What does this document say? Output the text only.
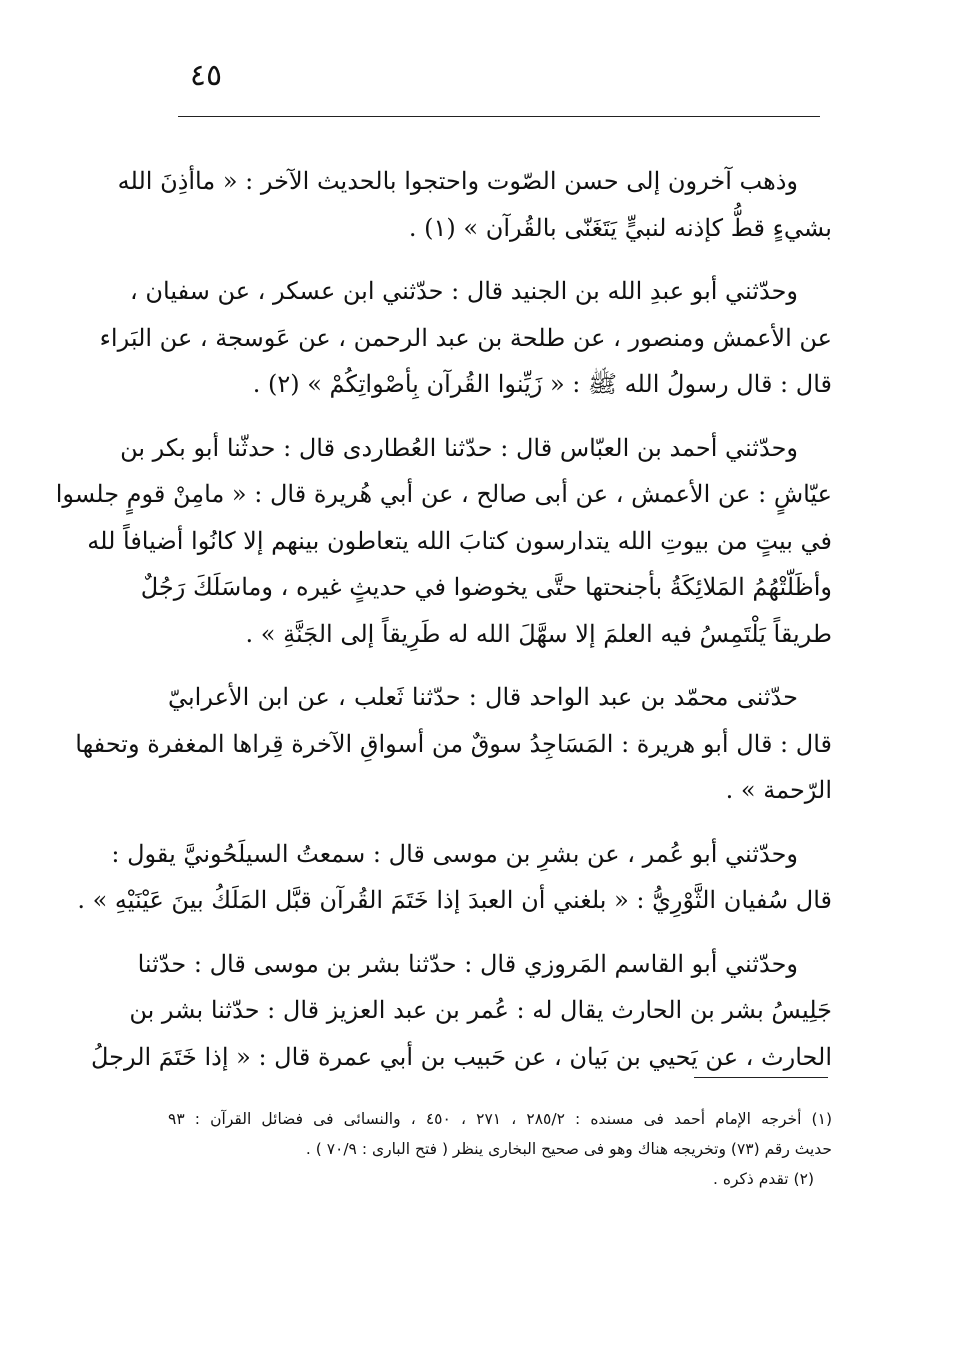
٤٥

وذهب آخرون إلى حسن الصّوت واحتجوا بالحديث الآخر : « ماأذِنَ الله
بشيءٍ قطُّ كإذنه لنبيٍّ يَتَغَنّى بالقُرآن » (١) .

وحدّثني أبو عبدِ الله بن الجنيد قال : حدّثني ابن عسكر ، عن سفيان ،
عن الأعمش ومنصور ، عن طلحة بن عبد الرحمن ، عن عَوسجة ، عن البَراء
قال : قال رسولُ الله ﷺ : « زَيِّنوا القُرآن بِأصْواتِكُمْ » (٢) .

وحدّثني أحمد بن العبّاس قال : حدّثنا العُطاردى قال : حدثّنا أبو بكر بن
عيّاشٍ : عن الأعمش ، عن أبى صالح ، عن أبي هُريرة قال : « مامِنْ قومٍ جلسوا
في بيتٍ من بيوتِ الله يتدارسون كتابَ الله يتعاطون بينهم إلا كانُوا أضيافاً لله
وأظَلّتْهُمُ المَلائِكَةُ بأجنحتها حتَّى يخوضوا في حديثٍ غيره ، وماسَلَكَ رَجُلٌ
طريقاً يَلْتَمِسُ فيه العلمَ إلا سهَّلَ الله له طَرِيقاً إلى الجَنَّةِ » .

حدّثنى محمّد بن عبد الواحد قال : حدّثنا ثَعلب ، عن ابن الأعرابيّ
قال : قال أبو هريرة : المَسَاجِدُ سوقٌ من أسواقِ الآخرة قِراها المغفرة وتحفها
الرّحمة » .

وحدّثني أبو عُمر ، عن بشرِ بن موسى قال : سمعتُ السيلَحُونيَّ يقول :
قال سُفيان الثَّوْرِيُّ : « بلغني أن العبدَ إذا خَتَمَ القُرآن قبَّل المَلَكُ بينَ عَيْنَيْهِ » .

وحدّثني أبو القاسم المَروزي قال : حدّثنا بشر بن موسى قال : حدّثنا
جَلِيسُ بشر بن الحارث يقال له : عُمر بن عبد العزيز قال : حدّثنا بشر بن
الحارث ، عن يَحيي بن بَيان ، عن حَبيب بن أبي عمرة قال : « إذا خَتَمَ الرجلُ

(١) أخرجه الإمام أحمد فى مسنده : ٢٨٥/٢ ، ٢٧١ ، ٤٥٠ ، والنسائى فى فضائل القرآن : ٩٣
حديث رقم (٧٣) وتخريجه هناك وهو فى صحيح البخارى ينظر ( فتح البارى : ٧٠/٩ ) .
(٢) تقدم ذكره .
